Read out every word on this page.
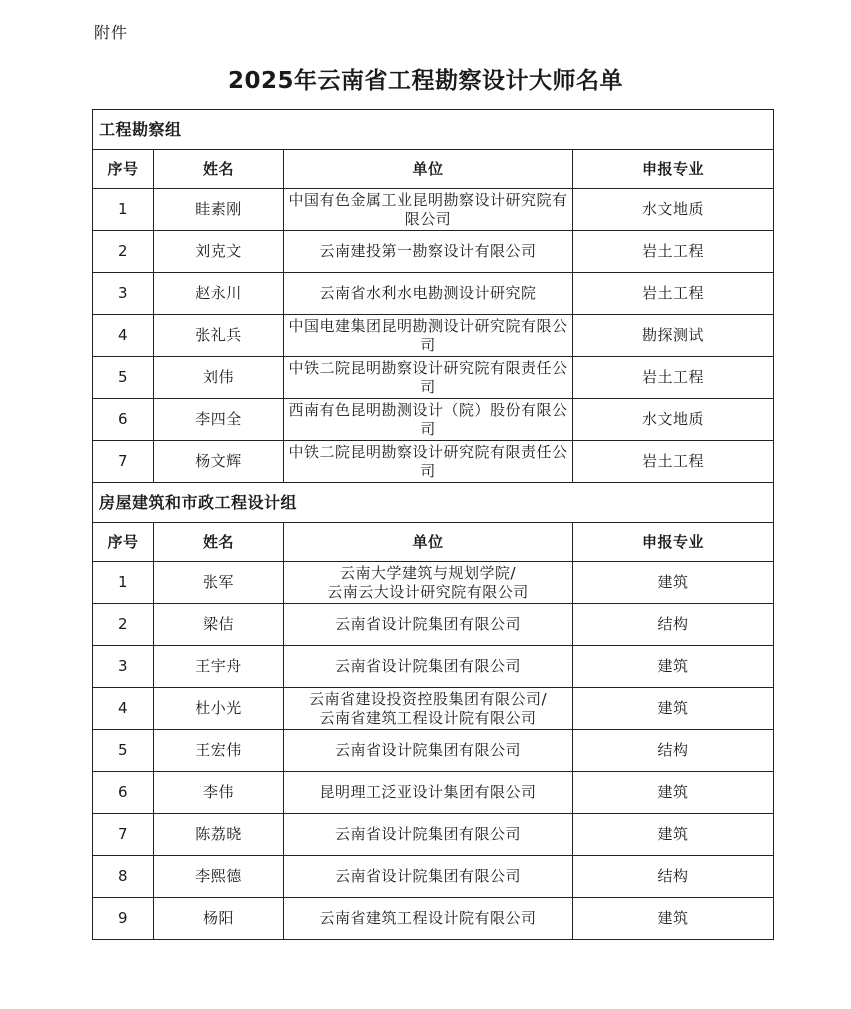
附件
2025年云南省工程勘察设计大师名单
工程勘察组			
序号	姓名	单位	申报专业
1	眭素刚	中国有色金属工业昆明勘察设计研究院有限公司	水文地质
2	刘克文	云南建投第一勘察设计有限公司	岩土工程
3	赵永川	云南省水利水电勘测设计研究院	岩土工程
4	张礼兵	中国电建集团昆明勘测设计研究院有限公司	勘探测试
5	刘伟	中铁二院昆明勘察设计研究院有限责任公司	岩土工程
6	李四全	西南有色昆明勘测设计（院）股份有限公司	水文地质
7	杨文辉	中铁二院昆明勘察设计研究院有限责任公司	岩土工程
房屋建筑和市政工程设计组			
序号	姓名	单位	申报专业
1	张军	云南大学建筑与规划学院/
云南云大设计研究院有限公司	建筑
2	梁佶	云南省设计院集团有限公司	结构
3	王宇舟	云南省设计院集团有限公司	建筑
4	杜小光	云南省建设投资控股集团有限公司/
云南省建筑工程设计院有限公司	建筑
5	王宏伟	云南省设计院集团有限公司	结构
6	李伟	昆明理工泛亚设计集团有限公司	建筑
7	陈荔晓	云南省设计院集团有限公司	建筑
8	李熙德	云南省设计院集团有限公司	结构
9	杨阳	云南省建筑工程设计院有限公司	建筑
